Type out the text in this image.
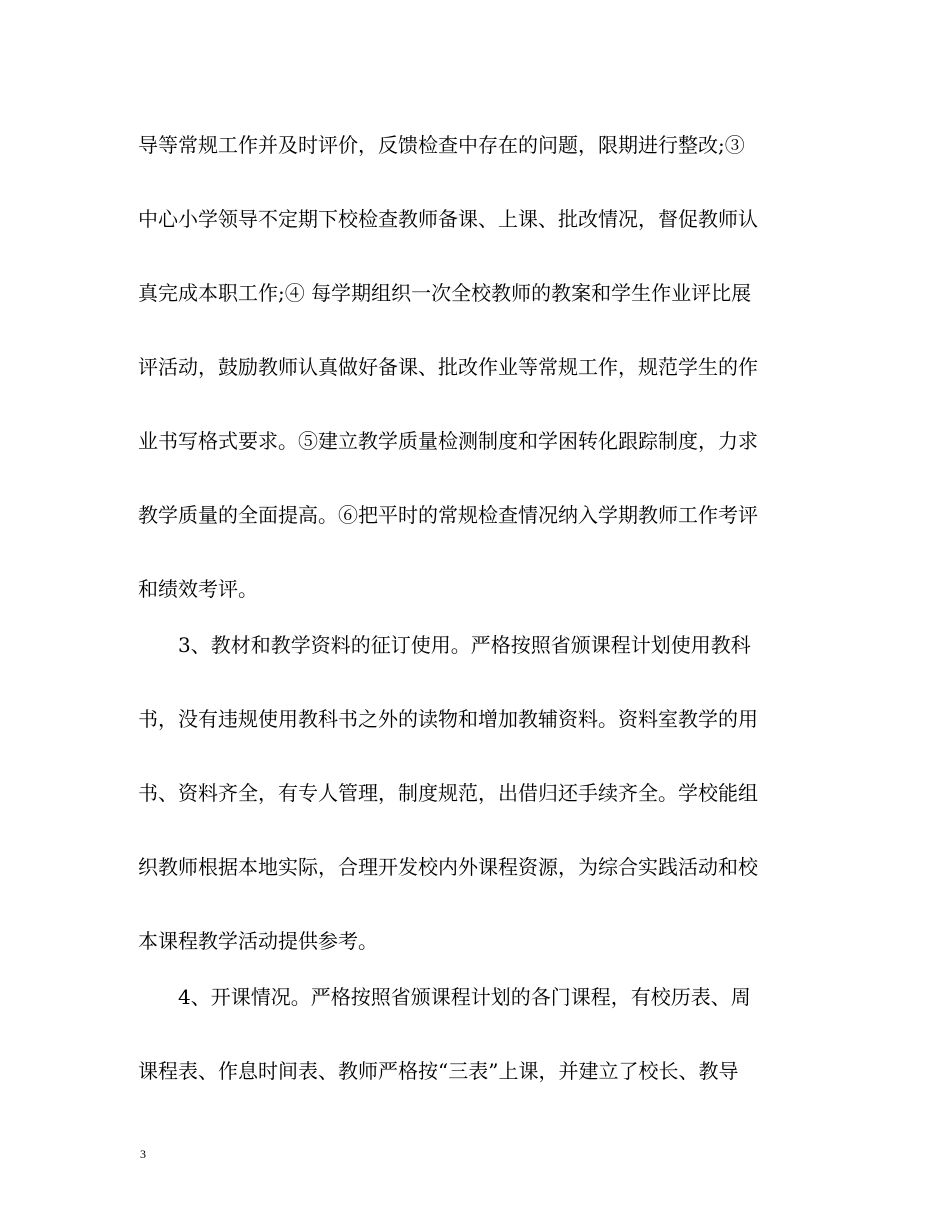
导等常规工作并及时评价，反馈检查中存在的问题，限期进行整改;③
中心小学领导不定期下校检查教师备课、上课、批改情况，督促教师认
真完成本职工作;④ 每学期组织一次全校教师的教案和学生作业评比展
评活动，鼓励教师认真做好备课、批改作业等常规工作，规范学生的作
业书写格式要求。⑤建立教学质量检测制度和学困转化跟踪制度，力求
教学质量的全面提高。⑥把平时的常规检查情况纳入学期教师工作考评
和绩效考评。
3、教材和教学资料的征订使用。严格按照省颁课程计划使用教科
书，没有违规使用教科书之外的读物和增加教辅资料。资料室教学的用
书、资料齐全，有专人管理，制度规范，出借归还手续齐全。学校能组
织教师根据本地实际，合理开发校内外课程资源，为综合实践活动和校
本课程教学活动提供参考。
4、开课情况。严格按照省颁课程计划的各门课程，有校历表、周
课程表、作息时间表、教师严格按“三表”上课，并建立了校长、教导
3
